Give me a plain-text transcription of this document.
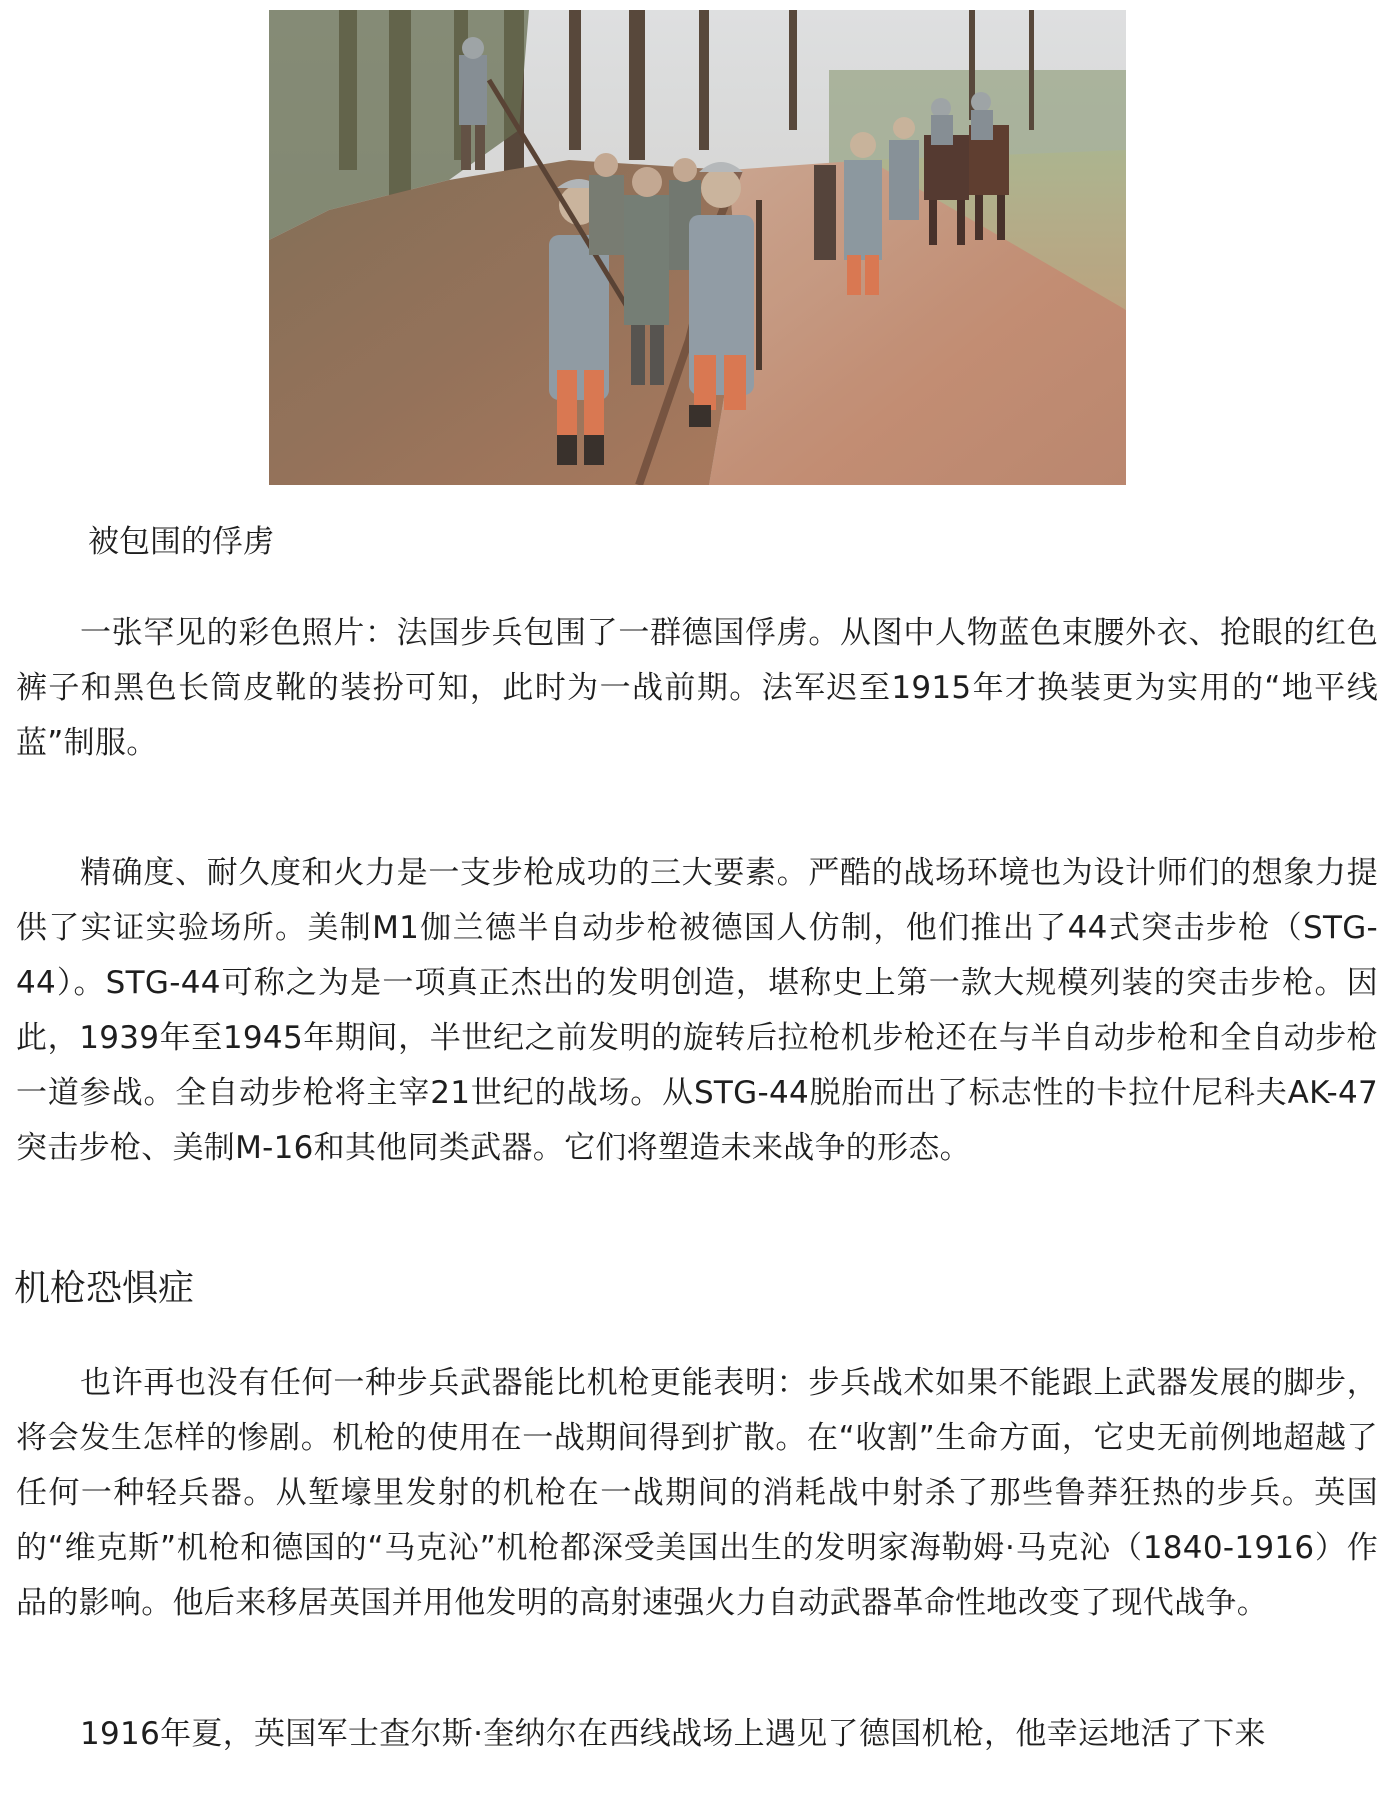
被包围的俘虏

一张罕见的彩色照片：法国步兵包围了一群德国俘虏。从图中人物蓝色束腰外衣、抢眼的红色裤子和黑色长筒皮靴的装扮可知，此时为一战前期。法军迟至1915年才换装更为实用的“地平线蓝”制服。

精确度、耐久度和火力是一支步枪成功的三大要素。严酷的战场环境也为设计师们的想象力提供了实证实验场所。美制M1伽兰德半自动步枪被德国人仿制，他们推出了44式突击步枪（STG-44）。STG-44可称之为是一项真正杰出的发明创造，堪称史上第一款大规模列装的突击步枪。因此，1939年至1945年期间，半世纪之前发明的旋转后拉枪机步枪还在与半自动步枪和全自动步枪一道参战。全自动步枪将主宰21世纪的战场。从STG-44脱胎而出了标志性的卡拉什尼科夫AK-47突击步枪、美制M-16和其他同类武器。它们将塑造未来战争的形态。

机枪恐惧症

也许再也没有任何一种步兵武器能比机枪更能表明：步兵战术如果不能跟上武器发展的脚步，将会发生怎样的惨剧。机枪的使用在一战期间得到扩散。在“收割”生命方面，它史无前例地超越了任何一种轻兵器。从堑壕里发射的机枪在一战期间的消耗战中射杀了那些鲁莽狂热的步兵。英国的“维克斯”机枪和德国的“马克沁”机枪都深受美国出生的发明家海勒姆·马克沁（1840-1916）作品的影响。他后来移居英国并用他发明的高射速强火力自动武器革命性地改变了现代战争。

1916年夏，英国军士查尔斯·奎纳尔在西线战场上遇见了德国机枪，他幸运地活了下来
